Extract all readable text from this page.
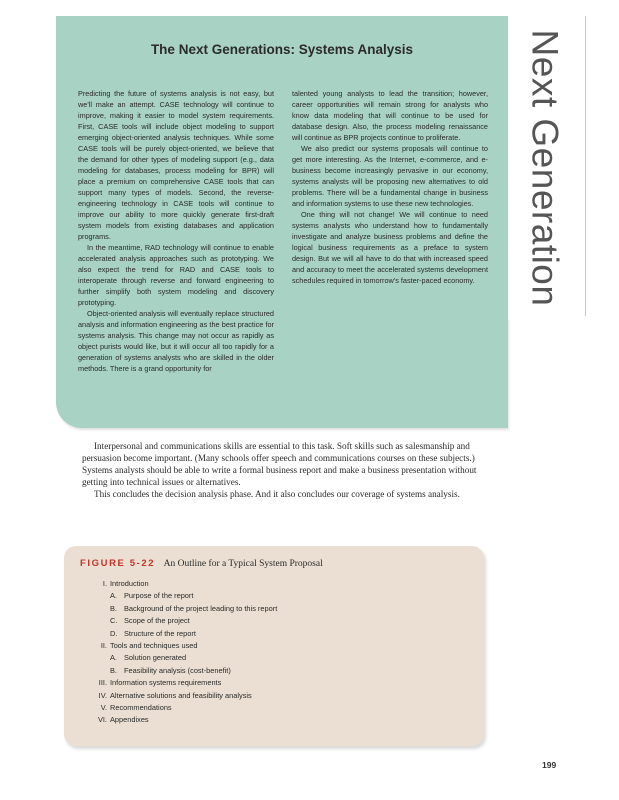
The Next Generations: Systems Analysis

Predicting the future of systems analysis is not easy, but we'll make an attempt. CASE technology will continue to improve, making it easier to model system requirements. First, CASE tools will include object modeling to support emerging object-oriented analysis techniques. While some CASE tools will be purely object-oriented, we believe that the demand for other types of modeling support (e.g., data modeling for databases, process modeling for BPR) will place a premium on comprehensive CASE tools that can support many types of models. Second, the reverse-engineering technology in CASE tools will continue to improve our ability to more quickly generate first-draft system models from existing databases and application programs.

In the meantime, RAD technology will continue to enable accelerated analysis approaches such as prototyping. We also expect the trend for RAD and CASE tools to interoperate through reverse and forward engineering to further simplify both system modeling and discovery prototyping.

Object-oriented analysis will eventually replace structured analysis and information engineering as the best practice for systems analysis. This change may not occur as rapidly as object purists would like, but it will occur all too rapidly for a generation of systems analysts who are skilled in the older methods. There is a grand opportunity for

talented young analysts to lead the transition; however, career opportunities will remain strong for analysts who know data modeling that will continue to be used for database design. Also, the process modeling renaissance will continue as BPR projects continue to proliferate.

We also predict our systems proposals will continue to get more interesting. As the Internet, e-commerce, and e-business become increasingly pervasive in our economy, systems analysts will be proposing new alternatives to old problems. There will be a fundamental change in business and information systems to use these new technologies.

One thing will not change! We will continue to need systems analysts who understand how to fundamentally investigate and analyze business problems and define the logical business requirements as a preface to system design. But we will all have to do that with increased speed and accuracy to meet the accelerated systems development schedules required in tomorrow's faster-paced economy.	Next Generation

Interpersonal and communications skills are essential to this task. Soft skills such as salesmanship and persuasion become important. (Many schools offer speech and communications courses on these subjects.) Systems analysts should be able to write a formal business report and make a business presentation without getting into technical issues or alternatives.

This concludes the decision analysis phase. And it also concludes our coverage of systems analysis.

FIGURE 5-22 An Outline for a Typical System Proposal
I. Introduction
A. Purpose of the report
B. Background of the project leading to this report
C. Scope of the project
D. Structure of the report
II. Tools and techniques used
A. Solution generated
B. Feasibility analysis (cost-benefit)
III. Information systems requirements
IV. Alternative solutions and feasibility analysis
V. Recommendations
VI. Appendixes
199
